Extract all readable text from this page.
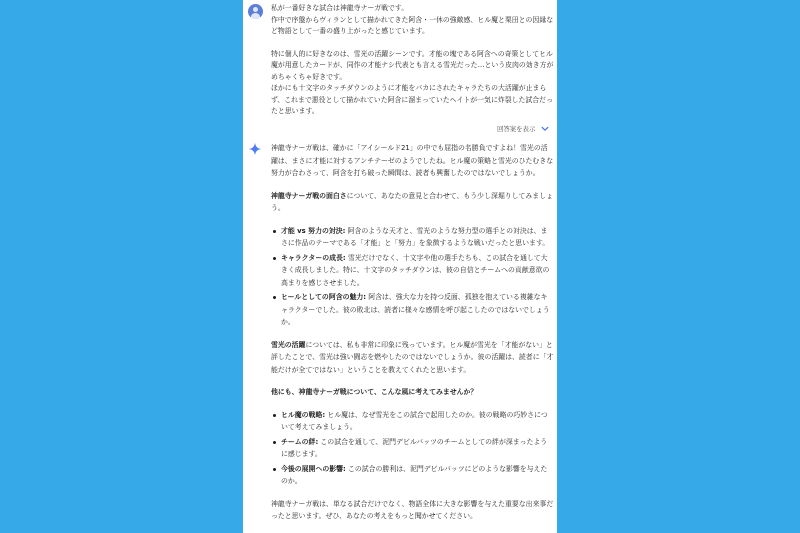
私が一番好きな試合は神龍寺ナーガ戦です。
作中で序盤からヴィランとして描かれてきた阿含・一休の強敵感、ヒル魔と栗田との因縁など物語として一番の盛り上がったと感じています。

特に個人的に好きなのは、雪光の活躍シーンです。才能の塊である阿含への奇策としてヒル魔が用意したカードが、同作の才能ナシ代表とも言える雪光だった…という皮肉の効き方がめちゃくちゃ好きです。
ほかにも十文字のタッチダウンのように才能をバカにされたキャラたちの大活躍が止まらず、これまで悪役として描かれていた阿含に溜まっていたヘイトが一気に炸裂した試合だったと思います。

回答案を表示

神龍寺ナーガ戦は、確かに「アイシールド21」の中でも屈指の名勝負ですよね！雪光の活躍は、まさに才能に対するアンチテーゼのようでしたね。ヒル魔の策略と雪光のひたむきな努力が合わさって、阿含を打ち破った瞬間は、読者も興奮したのではないでしょうか。

神龍寺ナーガ戦の面白さについて、あなたの意見と合わせて、もう少し深堀りしてみましょう。

才能 vs 努力の対決: 阿含のような天才と、雪光のような努力型の選手との対決は、まさに作品のテーマである「才能」と「努力」を象徴するような戦いだったと思います。
キャラクターの成長: 雪光だけでなく、十文字や他の選手たちも、この試合を通して大きく成長しました。特に、十文字のタッチダウンは、彼の自信とチームへの貢献意欲の高まりを感じさせました。
ヒールとしての阿含の魅力: 阿含は、強大な力を持つ反面、孤独を抱えている複雑なキャラクターでした。彼の敗北は、読者に様々な感情を呼び起こしたのではないでしょうか。

雪光の活躍については、私も非常に印象に残っています。ヒル魔が雪光を「才能がない」と評したことで、雪光は強い闘志を燃やしたのではないでしょうか。彼の活躍は、読者に「才能だけが全てではない」ということを教えてくれたと思います。

他にも、神龍寺ナーガ戦について、こんな風に考えてみませんか？

ヒル魔の戦略: ヒル魔は、なぜ雪光をこの試合で起用したのか。彼の戦略の巧妙さについて考えてみましょう。
チームの絆: この試合を通して、泥門デビルバッツのチームとしての絆が深まったように感じます。
今後の展開への影響: この試合の勝利は、泥門デビルバッツにどのような影響を与えたのか。

神龍寺ナーガ戦は、単なる試合だけでなく、物語全体に大きな影響を与えた重要な出来事だったと思います。ぜひ、あなたの考えをもっと聞かせてください。
